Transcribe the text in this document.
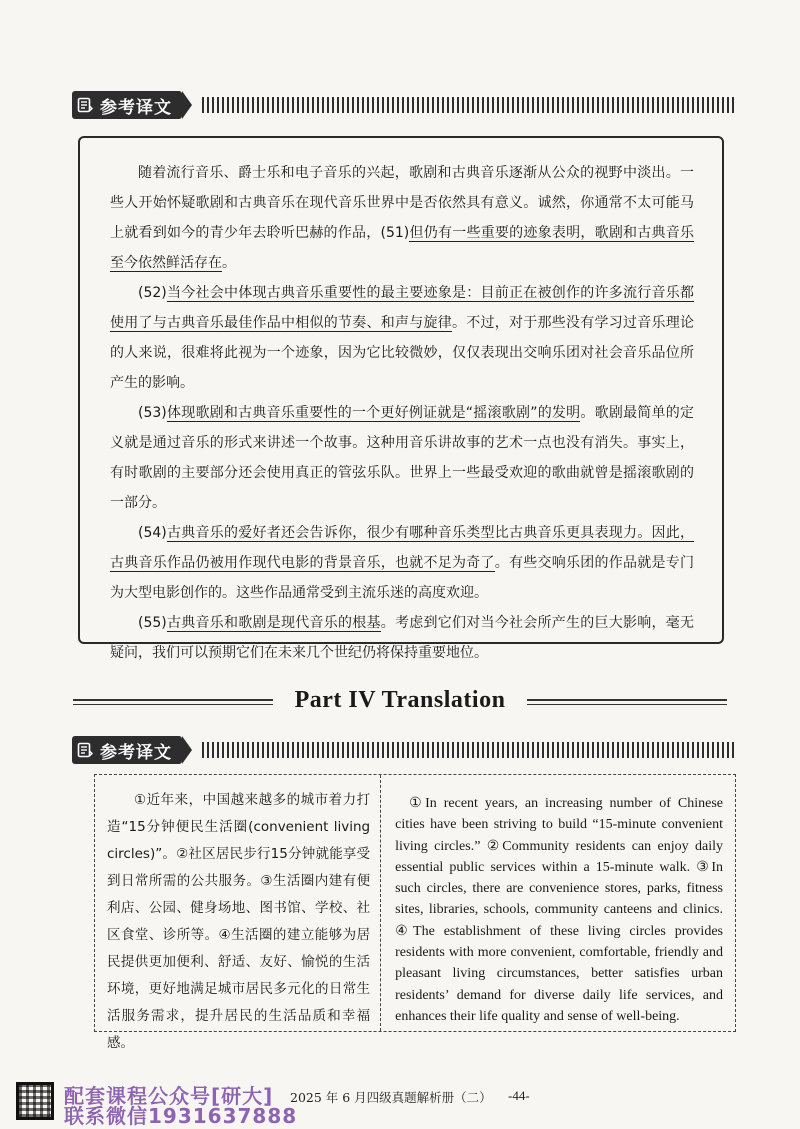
参考译文

随着流行音乐、爵士乐和电子音乐的兴起，歌剧和古典音乐逐渐从公众的视野中淡出。一些人开始怀疑歌剧和古典音乐在现代音乐世界中是否依然具有意义。诚然，你通常不太可能马上就看到如今的青少年去聆听巴赫的作品，(51)但仍有一些重要的迹象表明，歌剧和古典音乐至今依然鲜活存在。

(52)当今社会中体现古典音乐重要性的最主要迹象是：目前正在被创作的许多流行音乐都使用了与古典音乐最佳作品中相似的节奏、和声与旋律。不过，对于那些没有学习过音乐理论的人来说，很难将此视为一个迹象，因为它比较微妙，仅仅表现出交响乐团对社会音乐品位所产生的影响。

(53)体现歌剧和古典音乐重要性的一个更好例证就是“摇滚歌剧”的发明。歌剧最简单的定义就是通过音乐的形式来讲述一个故事。这种用音乐讲故事的艺术一点也没有消失。事实上，有时歌剧的主要部分还会使用真正的管弦乐队。世界上一些最受欢迎的歌曲就曾是摇滚歌剧的一部分。

(54)古典音乐的爱好者还会告诉你，很少有哪种音乐类型比古典音乐更具表现力。因此，古典音乐作品仍被用作现代电影的背景音乐，也就不足为奇了。有些交响乐团的作品就是专门为大型电影创作的。这些作品通常受到主流乐迷的高度欢迎。

(55)古典音乐和歌剧是现代音乐的根基。考虑到它们对当今社会所产生的巨大影响，毫无疑问，我们可以预期它们在未来几个世纪仍将保持重要地位。

Part IV Translation
参考译文

①近年来，中国越来越多的城市着力打造“15分钟便民生活圈(convenient living circles)”。②社区居民步行15分钟就能享受到日常所需的公共服务。③生活圈内建有便利店、公园、健身场地、图书馆、学校、社区食堂、诊所等。④生活圈的建立能够为居民提供更加便利、舒适、友好、愉悦的生活环境，更好地满足城市居民多元化的日常生活服务需求，提升居民的生活品质和幸福感。

①In recent years, an increasing number of Chinese cities have been striving to build “15-minute convenient living circles.” ②Community residents can enjoy daily essential public services within a 15-minute walk. ③In such circles, there are convenience stores, parks, fitness sites, libraries, schools, community canteens and clinics. ④The establishment of these living circles provides residents with more convenient, comfortable, friendly and pleasant living circumstances, better satisfies urban residents’ demand for diverse daily life services, and enhances their life quality and sense of well-being.

配套课程公众号[研大]
联系微信1931637888
2025 年 6 月四级真题解析册（二） -44-
